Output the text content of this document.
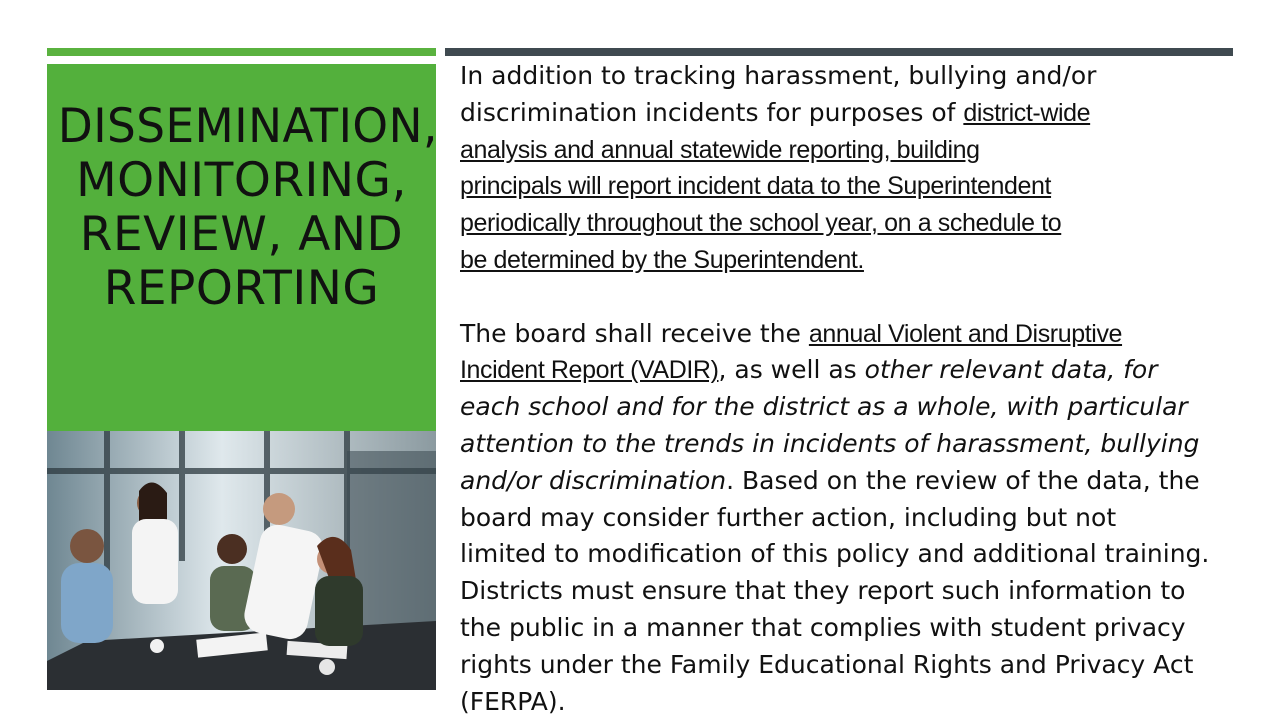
DISSEMINATION,
MONITORING,
REVIEW, AND
REPORTING

In addition to tracking harassment, bullying and/or
discrimination incidents for purposes of district-wide
analysis and annual statewide reporting, building
principals will report incident data to the Superintendent
periodically throughout the school year, on a schedule to
be determined by the Superintendent.

The board shall receive the annual Violent and Disruptive
Incident Report (VADIR), as well as other relevant data, for
each school and for the district as a whole, with particular
attention to the trends in incidents of harassment, bullying
and/or discrimination. Based on the review of the data, the
board may consider further action, including but not
limited to modification of this policy and additional training.
Districts must ensure that they report such information to
the public in a manner that complies with student privacy
rights under the Family Educational Rights and Privacy Act
(FERPA).
